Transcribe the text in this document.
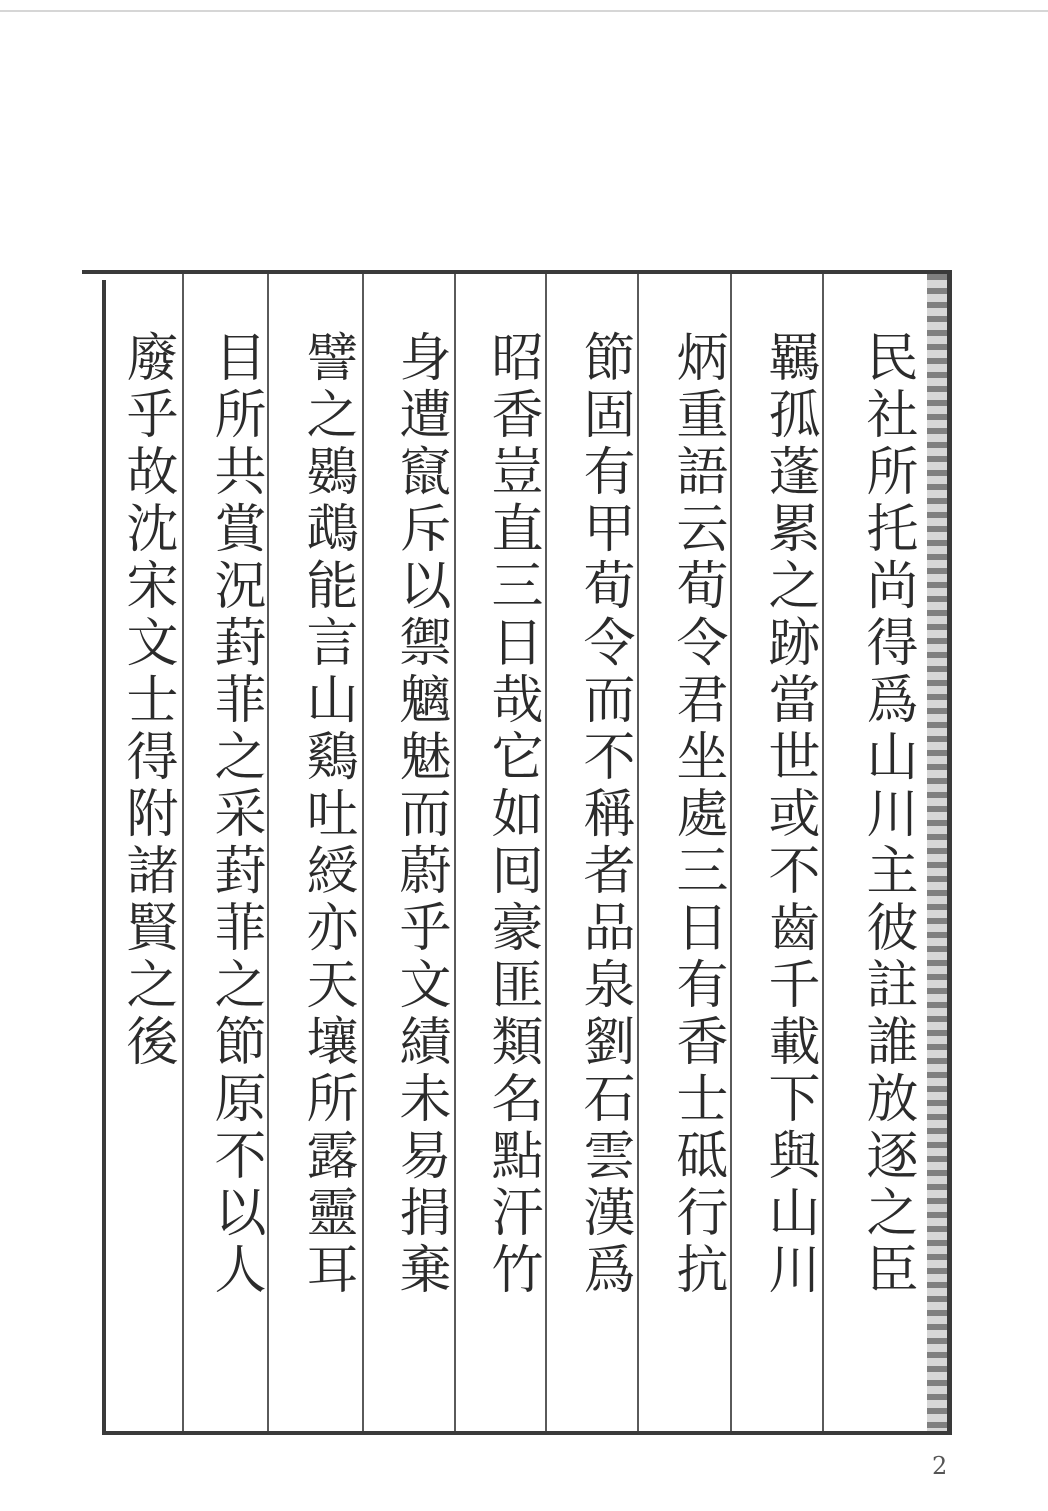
民社所托尚得爲山川主彼註誰放逐之臣
羈孤蓬累之跡當世或不齒千載下與山川
炳重語云荀令君坐處三日有香士砥行抗
節固有甲荀令而不稱者品泉劉石雲漢爲
昭香豈直三日哉它如囘豪匪類名點汗竹
身遭竄斥以禦魑魅而蔚乎文績未易捐棄
譬之鷃鵡能言山鷄吐綬亦天壤所露靈耳
目所共賞況葑菲之采葑菲之節原不以人
廢乎故沈宋文士得附諸賢之後
2
